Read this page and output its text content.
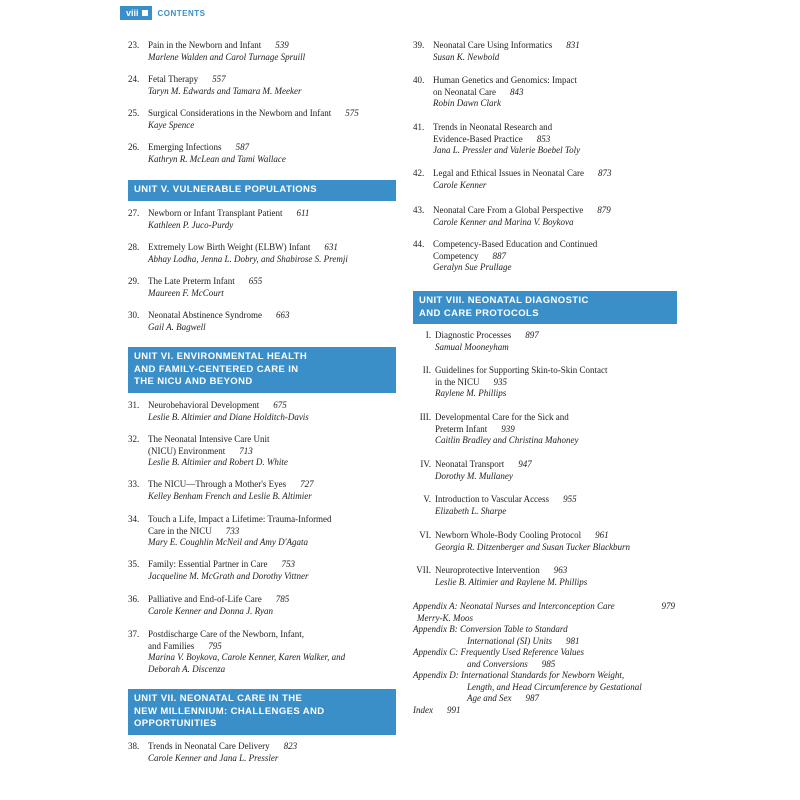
viii CONTENTS
23. Pain in the Newborn and Infant 539
Marlene Walden and Carol Turnage Spruill
24. Fetal Therapy 557
Taryn M. Edwards and Tamara M. Meeker
25. Surgical Considerations in the Newborn and Infant 575
Kaye Spence
26. Emerging Infections 587
Kathryn R. McLean and Tami Wallace
UNIT V. VULNERABLE POPULATIONS
27. Newborn or Infant Transplant Patient 611
Kathleen P. Juco-Purdy
28. Extremely Low Birth Weight (ELBW) Infant 631
Abhay Lodha, Jenna L. Dobry, and Shabirose S. Premji
29. The Late Preterm Infant 655
Maureen F. McCourt
30. Neonatal Abstinence Syndrome 663
Gail A. Bagwell
UNIT VI. ENVIRONMENTAL HEALTH
AND FAMILY-CENTERED CARE IN
THE NICU AND BEYOND
31. Neurobehavioral Development 675
Leslie B. Altimier and Diane Holditch-Davis
32. The Neonatal Intensive Care Unit
(NICU) Environment 713
Leslie B. Altimier and Robert D. White
33. The NICU—Through a Mother's Eyes 727
Kelley Benham French and Leslie B. Altimier
34. Touch a Life, Impact a Lifetime: Trauma-Informed
Care in the NICU 733
Mary E. Coughlin McNeil and Amy D'Agata
35. Family: Essential Partner in Care 753
Jacqueline M. McGrath and Dorothy Vittner
36. Palliative and End-of-Life Care 785
Carole Kenner and Donna J. Ryan
37. Postdischarge Care of the Newborn, Infant,
and Families 795
Marina V. Boykova, Carole Kenner, Karen Walker, and
Deborah A. Discenza
UNIT VII. NEONATAL CARE IN THE
NEW MILLENNIUM: CHALLENGES AND
OPPORTUNITIES
38. Trends in Neonatal Care Delivery 823
Carole Kenner and Jana L. Pressler
39. Neonatal Care Using Informatics 831
Susan K. Newbold
40. Human Genetics and Genomics: Impact
on Neonatal Care 843
Robin Dawn Clark
41. Trends in Neonatal Research and
Evidence-Based Practice 853
Jana L. Pressler and Valerie Boebel Toly
42. Legal and Ethical Issues in Neonatal Care 873
Carole Kenner
43. Neonatal Care From a Global Perspective 879
Carole Kenner and Marina V. Boykova
44. Competency-Based Education and Continued
Competency 887
Geralyn Sue Prullage
UNIT VIII. NEONATAL DIAGNOSTIC
AND CARE PROTOCOLS
I. Diagnostic Processes 897
Samual Mooneyham
II. Guidelines for Supporting Skin-to-Skin Contact
in the NICU 935
Raylene M. Phillips
III. Developmental Care for the Sick and
Preterm Infant 939
Caitlin Bradley and Christina Mahoney
IV. Neonatal Transport 947
Dorothy M. Mullaney
V. Introduction to Vascular Access 955
Elizabeth L. Sharpe
VI. Newborn Whole-Body Cooling Protocol 961
Georgia R. Ditzenberger and Susan Tucker Blackburn
VII. Neuroprotective Intervention 963
Leslie B. Altimier and Raylene M. Phillips
Appendix A: Neonatal Nurses and Interconception Care	979
Merry-K. Moos
Appendix B: Conversion Table to Standard
International (SI) Units 981
Appendix C: Frequently Used Reference Values
and Conversions 985
Appendix D: International Standards for Newborn Weight,
Length, and Head Circumference by Gestational
Age and Sex 987
Index 991
